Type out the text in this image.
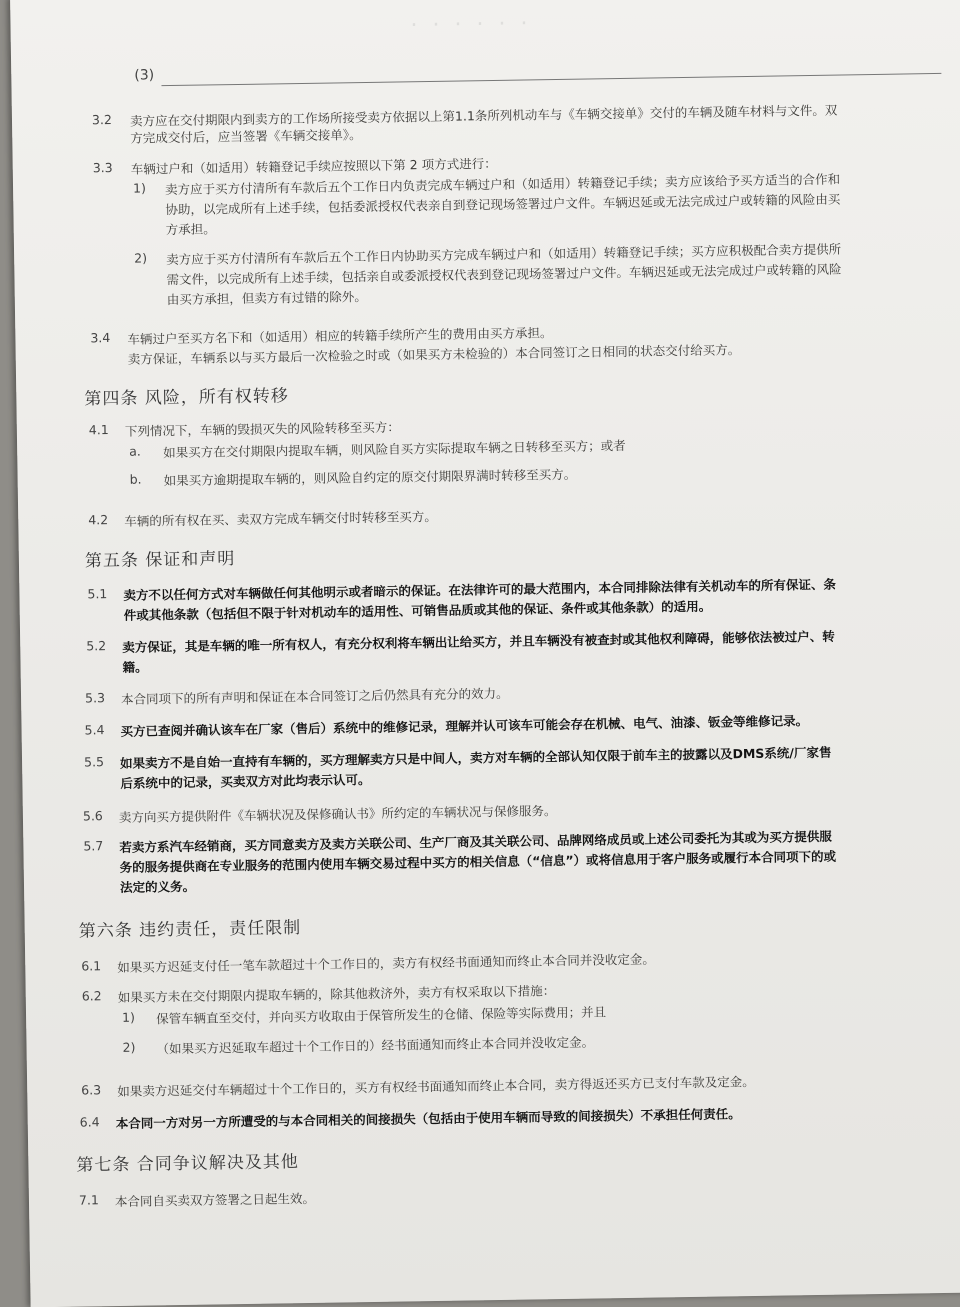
· · · · · ·
(3)
3.2 卖方应在交付期限内到卖方的工作场所接受卖方依据以上第1.1条所列机动车与《车辆交接单》交付的车辆及随车材料与文件。双
方完成交付后，应当签署《车辆交接单》。
3.3 车辆过户和（如适用）转籍登记手续应按照以下第 2 项方式进行：
1) 卖方应于买方付清所有车款后五个工作日内负责完成车辆过户和（如适用）转籍登记手续；卖方应该给予买方适当的合作和
协助，以完成所有上述手续，包括委派授权代表亲自到登记现场签署过户文件。车辆迟延或无法完成过户或转籍的风险由买
方承担。
2) 卖方应于买方付清所有车款后五个工作日内协助买方完成车辆过户和（如适用）转籍登记手续；买方应积极配合卖方提供所
需文件，以完成所有上述手续，包括亲自或委派授权代表到登记现场签署过户文件。车辆迟延或无法完成过户或转籍的风险
由买方承担，但卖方有过错的除外。
3.4 车辆过户至买方名下和（如适用）相应的转籍手续所产生的费用由买方承担。
卖方保证，车辆系以与买方最后一次检验之时或（如果买方未检验的）本合同签订之日相同的状态交付给买方。
第四条 风险，所有权转移
4.1 下列情况下，车辆的毁损灭失的风险转移至买方：
a. 如果买方在交付期限内提取车辆，则风险自买方实际提取车辆之日转移至买方；或者
b. 如果买方逾期提取车辆的，则风险自约定的原交付期限界满时转移至买方。
4.2 车辆的所有权在买、卖双方完成车辆交付时转移至买方。
第五条 保证和声明
5.1 卖方不以任何方式对车辆做任何其他明示或者暗示的保证。在法律许可的最大范围内，本合同排除法律有关机动车的所有保证、条
件或其他条款（包括但不限于针对机动车的适用性、可销售品质或其他的保证、条件或其他条款）的适用。
5.2 卖方保证，其是车辆的唯一所有权人，有充分权利将车辆出让给买方，并且车辆没有被查封或其他权利障碍，能够依法被过户、转
籍。
5.3 本合同项下的所有声明和保证在本合同签订之后仍然具有充分的效力。
5.4 买方已查阅并确认该车在厂家（售后）系统中的维修记录，理解并认可该车可能会存在机械、电气、油漆、钣金等维修记录。
5.5 如果卖方不是自始一直持有车辆的，买方理解卖方只是中间人，卖方对车辆的全部认知仅限于前车主的披露以及DMS系统/厂家售
后系统中的记录，买卖双方对此均表示认可。
5.6 卖方向买方提供附件《车辆状况及保修确认书》所约定的车辆状况与保修服务。
5.7 若卖方系汽车经销商，买方同意卖方及卖方关联公司、生产厂商及其关联公司、品牌网络成员或上述公司委托为其或为买方提供服
务的服务提供商在专业服务的范围内使用车辆交易过程中买方的相关信息（“信息”）或将信息用于客户服务或履行本合同项下的或
法定的义务。
第六条 违约责任，责任限制
6.1 如果买方迟延支付任一笔车款超过十个工作日的，卖方有权经书面通知而终止本合同并没收定金。
6.2 如果买方未在交付期限内提取车辆的，除其他救济外，卖方有权采取以下措施：
1) 保管车辆直至交付，并向买方收取由于保管所发生的仓储、保险等实际费用；并且
2) （如果买方迟延取车超过十个工作日的）经书面通知而终止本合同并没收定金。
6.3 如果卖方迟延交付车辆超过十个工作日的，买方有权经书面通知而终止本合同，卖方得返还买方已支付车款及定金。
6.4 本合同一方对另一方所遭受的与本合同相关的间接损失（包括由于使用车辆而导致的间接损失）不承担任何责任。
第七条 合同争议解决及其他
7.1 本合同自买卖双方签署之日起生效。
